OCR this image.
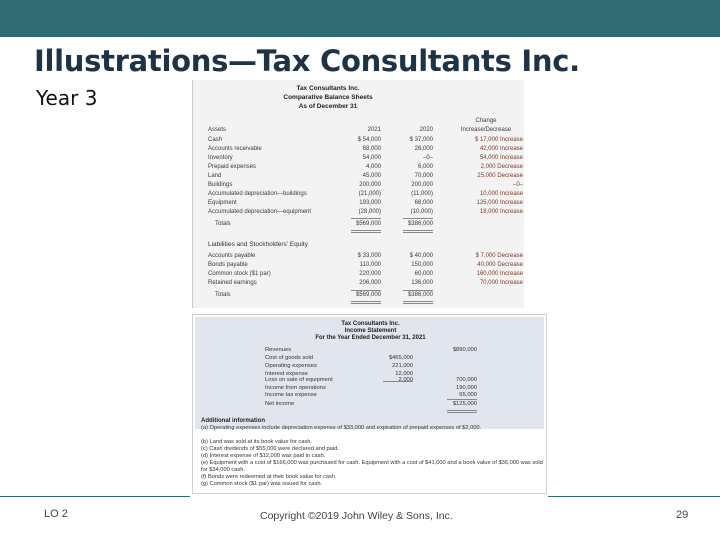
Illustrations—Tax Consultants Inc.
Year 3	Tax Consultants Inc.
Comparative Balance Sheets
As of December 31
Change
Assets	2021	2020	Increase/Decrease
Cash	$ 54,000	$ 37,000	$ 17,000 Increase
Accounts receivable	68,000	26,000	42,000 Increase
Inventory	54,000	–0–	54,000 Increase
Prepaid expenses	4,000	6,000	2,000 Decrease
Land	45,000	70,000	25,000 Decrease
Buildings	200,000	200,000	–0–
Accumulated depreciation—buildings	(21,000)	(11,000)	10,000 Increase
Equipment	193,000	68,000	125,000 Increase
Accumulated depreciation—equipment	(28,000)	(10,000)	18,000 Increase
Totals	$569,000	$386,000
Liabilities and Stockholders’ Equity
Accounts payable	$ 33,000	$ 40,000	$ 7,000 Decrease
Bonds payable	110,000	150,000	40,000 Decrease
Common stock ($1 par)	220,000	60,000	160,000 Increase
Retained earnings	206,000	136,000	70,000 Increase
Totals	$569,000	$386,000
Tax Consultants Inc.
Income Statement
For the Year Ended December 31, 2021
Revenues	$890,000
Cost of goods sold	$465,000
Operating expenses	221,000
Interest expense	12,000
Loss on sale of equipment	2,000	700,000
Income from operations	190,000
Income tax expense	65,000
Net income	$125,000
Additional information
(a) Operating expenses include depreciation expense of $33,000 and expiration of prepaid expenses of $2,000.
(b) Land was sold at its book value for cash.
(c) Cash dividends of $55,000 were declared and paid.
(d) Interest expense of $12,000 was paid in cash.
(e) Equipment with a cost of $166,000 was purchased for cash. Equipment with a cost of $41,000 and a book value of $36,000 was sold for $34,000 cash.
(f) Bonds were redeemed at their book value for cash.
(g) Common stock ($1 par) was issued for cash.
LO 2	Copyright ©2019 John Wiley & Sons, Inc.	29
